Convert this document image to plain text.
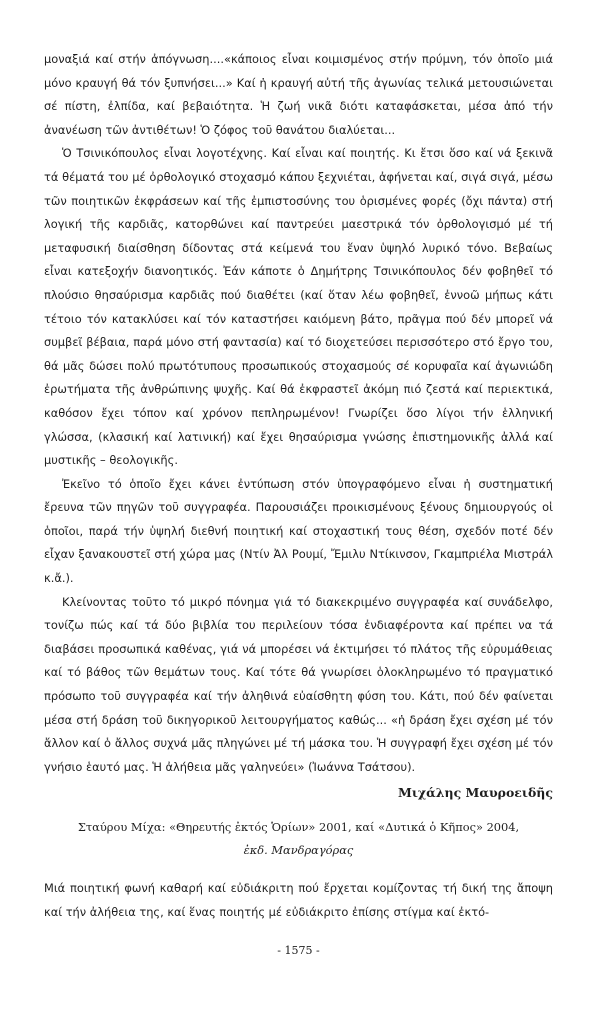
μοναξιά καί στήν ἀπόγνωση....«κάποιος εἶναι κοιμισμένος στήν πρύμνη, τόν ὁποῖο μιά μόνο κραυγή θά τόν ξυπνήσει...» Καί ἡ κραυγή αὐτή τῆς ἀγωνίας τελικά μετουσιώνεται σέ πίστη, ἐλπίδα, καί βεβαιότητα. Ἡ ζωή νικᾶ διότι καταφάσκεται, μέσα ἀπό τήν ἀνανέωση τῶν ἀντιθέτων! Ὁ ζόφος τοῦ θανάτου διαλύεται...

Ὁ Τσινικόπουλος εἶναι λογοτέχνης. Καί εἶναι καί ποιητής. Κι ἔτσι ὅσο καί νά ξεκινᾶ τά θέματά του μέ ὀρθολογικό στοχασμό κάπου ξεχνιέται, ἀφήνεται καί, σιγά σιγά, μέσω τῶν ποιητικῶν ἐκφράσεων καί τῆς ἐμπιστοσύνης του ὁρισμένες φορές (ὄχι πάντα) στή λογική τῆς καρδιᾶς, κατορθώνει καί παντρεύει μαεστρικά τόν ὀρθολογισμό μέ τή μεταφυσική διαίσθηση δίδοντας στά κείμενά του ἕναν ὑψηλό λυρικό τόνο. Βεβαίως εἶναι κατεξοχήν διανοητικός. Ἐάν κάποτε ὁ Δημήτρης Τσινικόπουλος δέν φοβηθεῖ τό πλούσιο θησαύρισμα καρδιᾶς πού διαθέτει (καί ὅταν λέω φοβηθεῖ, ἐννοῶ μήπως κάτι τέτοιο τόν κατακλύσει καί τόν καταστήσει καιόμενη βάτο, πρᾶγμα πού δέν μπορεῖ νά συμβεῖ βέβαια, παρά μόνο στή φαντασία) καί τό διοχετεύσει περισσότερο στό ἔργο του, θά μᾶς δώσει πολύ πρωτότυπους προσωπικούς στοχασμούς σέ κορυφαῖα καί ἀγωνιώδη ἐρωτήματα τῆς ἀνθρώπινης ψυχῆς. Καί θά ἐκφραστεῖ ἀκόμη πιό ζεστά καί περιεκτικά, καθόσον ἔχει τόπον καί χρόνον πεπληρωμένον! Γνωρίζει ὅσο λίγοι τήν ἑλληνική γλώσσα, (κλασική καί λατινική) καί ἔχει θησαύρισμα γνώσης ἐπιστημονικῆς ἀλλά καί μυστικῆς – θεολογικῆς.

Ἐκεῖνο τό ὁποῖο ἔχει κάνει ἐντύπωση στόν ὑπογραφόμενο εἶναι ἡ συστηματική ἔρευνα τῶν πηγῶν τοῦ συγγραφέα. Παρουσιάζει προικισμένους ξένους δημιουργούς οἱ ὁποῖοι, παρά τήν ὑψηλή διεθνή ποιητική καί στοχαστική τους θέση, σχεδόν ποτέ δέν εἶχαν ξανακουστεῖ στή χώρα μας (Ντίν Ἀλ Ρουμί, Ἔμιλυ Ντίκινσον, Γκαμπριέλα Μιστράλ κ.ἄ.).

Κλείνοντας τοῦτο τό μικρό πόνημα γιά τό διακεκριμένο συγγραφέα καί συνάδελφο, τονίζω πώς καί τά δύο βιβλία του περιλείουν τόσα ἐνδιαφέροντα καί πρέπει να τά διαβάσει προσωπικά καθένας, γιά νά μπορέσει νά ἐκτιμήσει τό πλάτος τῆς εὐρυμάθειας καί τό βάθος τῶν θεμάτων τους. Καί τότε θά γνωρίσει ὁλοκληρωμένο τό πραγματικό πρόσωπο τοῦ συγγραφέα καί τήν ἀληθινά εὐαίσθητη φύση του. Κάτι, πού δέν φαίνεται μέσα στή δράση τοῦ δικηγορικοῦ λειτουργήματος καθώς... «ἡ δράση ἔχει σχέση μέ τόν ἄλλον καί ὁ ἄλλος συχνά μᾶς πληγώνει μέ τή μάσκα του. Ἡ συγγραφή ἔχει σχέση μέ τόν γνήσιο ἑαυτό μας. Ἡ ἀλήθεια μᾶς γαληνεύει» (Ἰωάννα Τσάτσου).

Μιχάλης Μαυροειδῆς
Σταύρου Μίχα: «Θηρευτής ἐκτός Ὁρίων» 2001, καί «Δυτικά ὁ Κῆπος» 2004,
ἐκδ. Μανδραγόρας
Μιά ποιητική φωνή καθαρή καί εὐδιάκριτη πού ἔρχεται κομίζοντας τή δική της ἄποψη καί τήν ἀλήθεια της, καί ἕνας ποιητής μέ εὐδιάκριτο ἐπίσης στίγμα καί ἐκτό-
- 1575 -
